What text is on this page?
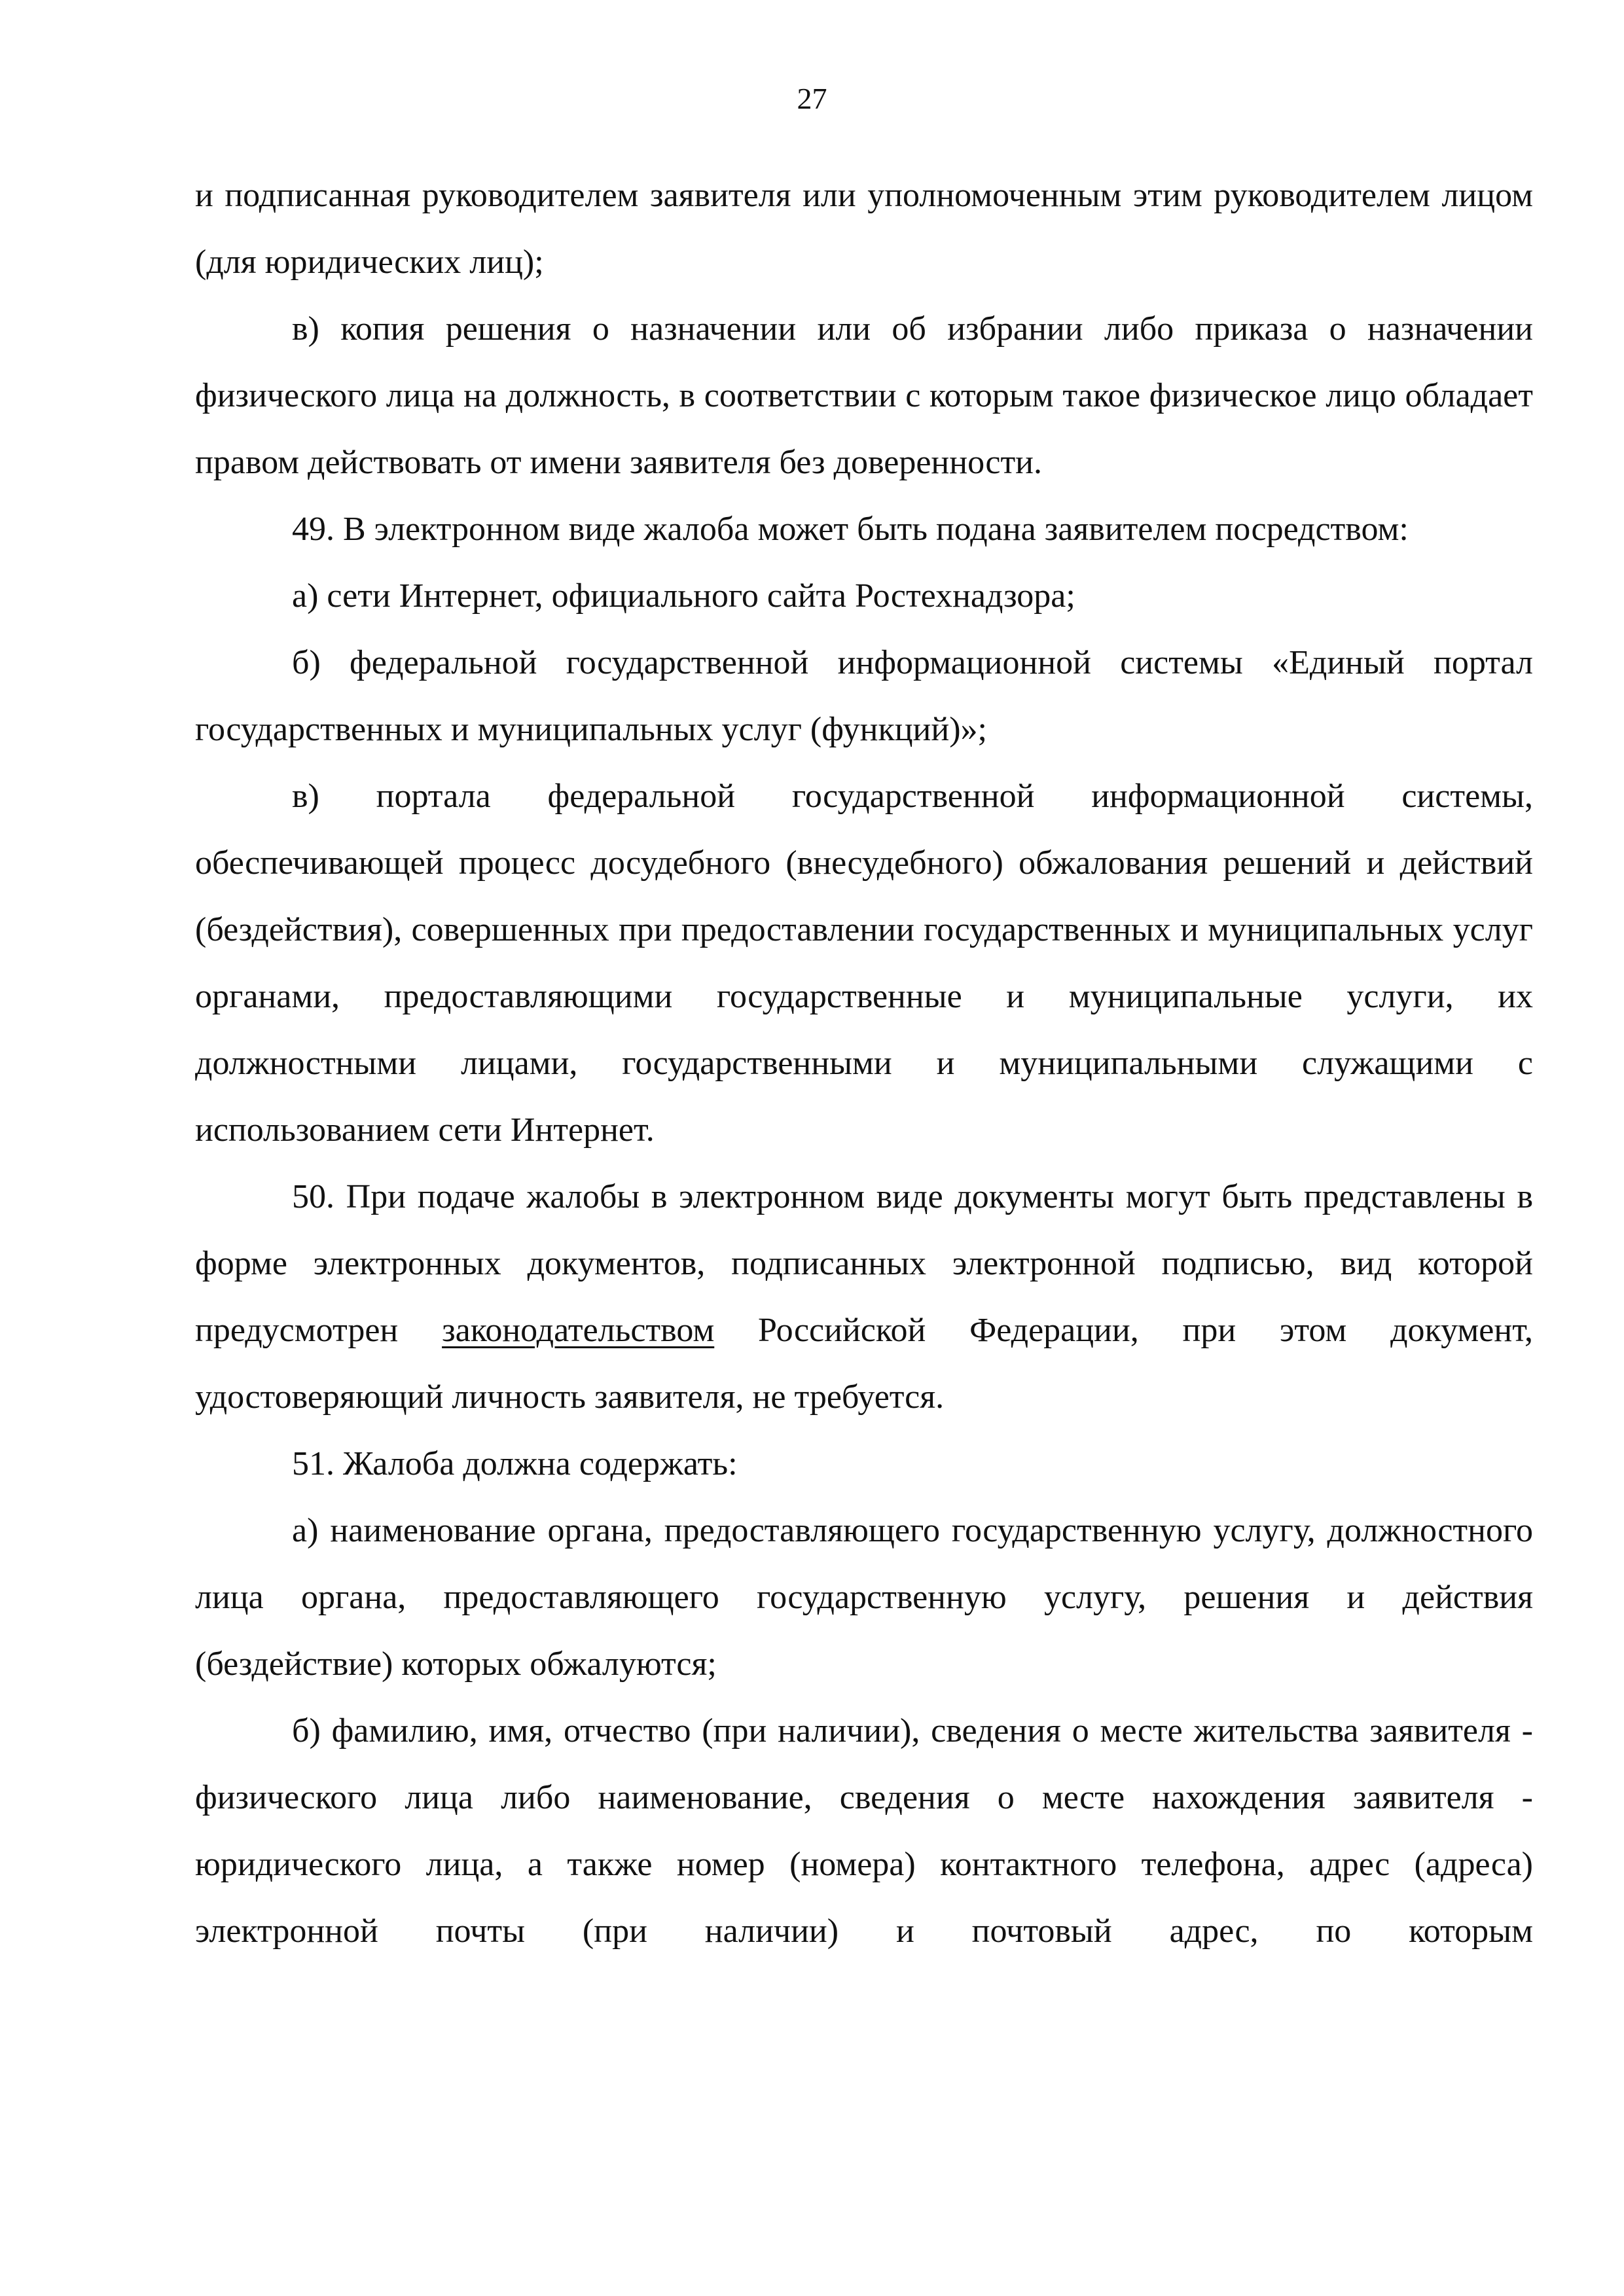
27

и подписанная руководителем заявителя или уполномоченным этим руководителем лицом (для юридических лиц);

в) копия решения о назначении или об избрании либо приказа о назначении физического лица на должность, в соответствии с которым такое физическое лицо обладает правом действовать от имени заявителя без доверенности.

49. В электронном виде жалоба может быть подана заявителем посредством:

а) сети Интернет, официального сайта Ростехнадзора;

б) федеральной государственной информационной системы «Единый портал государственных и муниципальных услуг (функций)»;

в) портала федеральной государственной информационной системы, обеспечивающей процесс досудебного (внесудебного) обжалования решений и действий (бездействия), совершенных при предоставлении государственных и муниципальных услуг органами, предоставляющими государственные и муниципальные услуги, их должностными лицами, государственными и муниципальными служащими с использованием сети Интернет.

50. При подаче жалобы в электронном виде документы могут быть представлены в форме электронных документов, подписанных электронной подписью, вид которой предусмотрен законодательством Российской Федерации, при этом документ, удостоверяющий личность заявителя, не требуется.

51. Жалоба должна содержать:

а) наименование органа, предоставляющего государственную услугу, должностного лица органа, предоставляющего государственную услугу, решения и действия (бездействие) которых обжалуются;

б) фамилию, имя, отчество (при наличии), сведения о месте жительства заявителя - физического лица либо наименование, сведения о месте нахождения заявителя - юридического лица, а также номер (номера) контактного телефона, адрес (адреса) электронной почты (при наличии) и почтовый адрес, по которым
